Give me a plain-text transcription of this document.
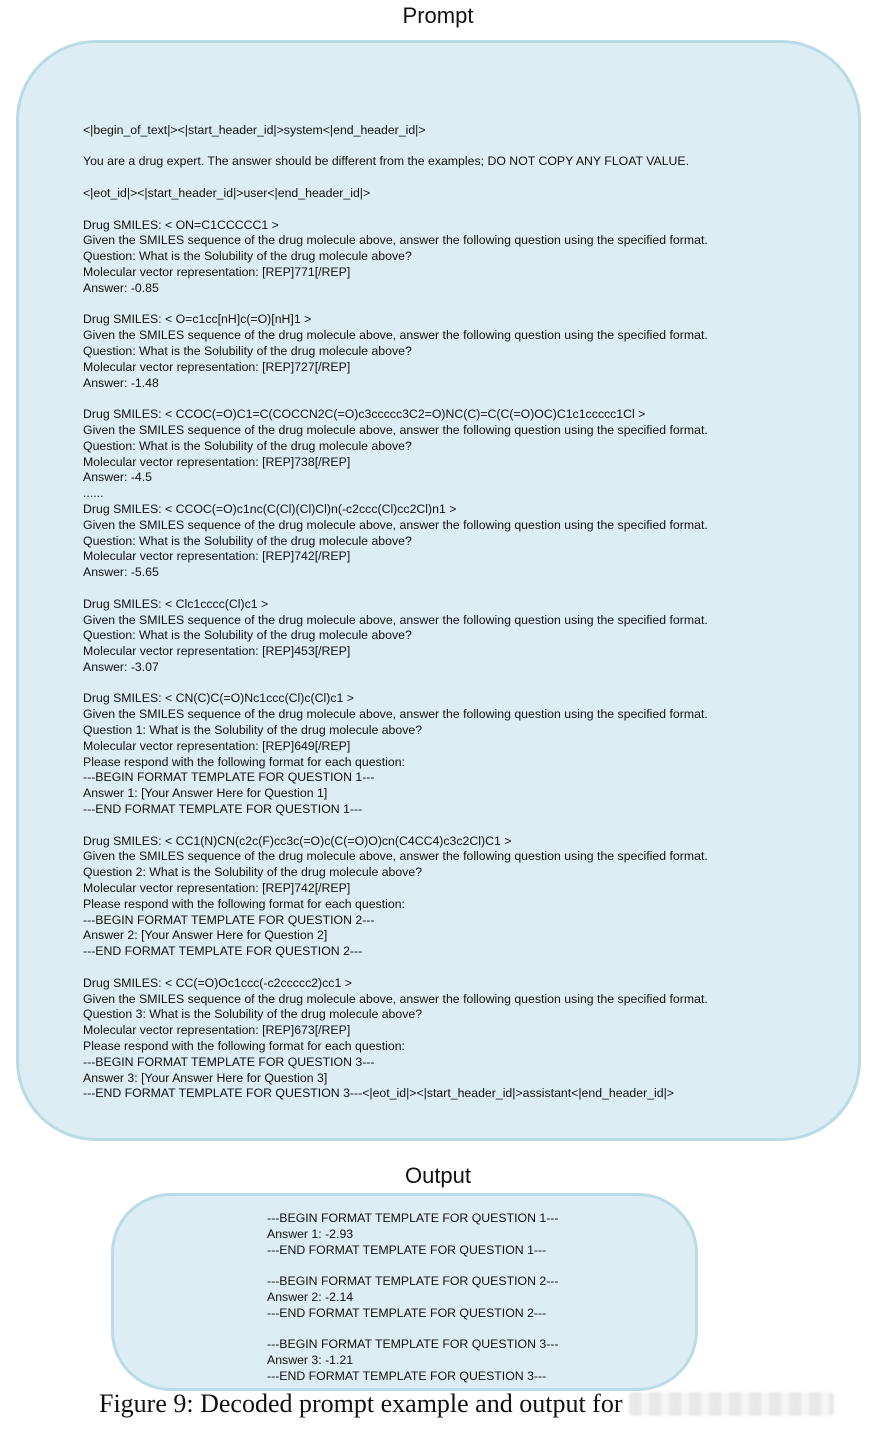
Prompt
<|begin_of_text|><|start_header_id|>system<|end_header_id|>
You are a drug expert. The answer should be different from the examples; DO NOT COPY ANY FLOAT VALUE.
<|eot_id|><|start_header_id|>user<|end_header_id|>
Drug SMILES: < ON=C1CCCCC1 >
Given the SMILES sequence of the drug molecule above, answer the following question using the specified format.
Question: What is the Solubility of the drug molecule above?
Molecular vector representation: [REP]771[/REP]
Answer: -0.85
Drug SMILES: < O=c1cc[nH]c(=O)[nH]1 >
Given the SMILES sequence of the drug molecule above, answer the following question using the specified format.
Question: What is the Solubility of the drug molecule above?
Molecular vector representation: [REP]727[/REP]
Answer: -1.48
Drug SMILES: < CCOC(=O)C1=C(COCCN2C(=O)c3ccccc3C2=O)NC(C)=C(C(=O)OC)C1c1ccccc1Cl >
Given the SMILES sequence of the drug molecule above, answer the following question using the specified format.
Question: What is the Solubility of the drug molecule above?
Molecular vector representation: [REP]738[/REP]
Answer: -4.5
......
Drug SMILES: < CCOC(=O)c1nc(C(Cl)(Cl)Cl)n(-c2ccc(Cl)cc2Cl)n1 >
Given the SMILES sequence of the drug molecule above, answer the following question using the specified format.
Question: What is the Solubility of the drug molecule above?
Molecular vector representation: [REP]742[/REP]
Answer: -5.65
Drug SMILES: < Clc1cccc(Cl)c1 >
Given the SMILES sequence of the drug molecule above, answer the following question using the specified format.
Question: What is the Solubility of the drug molecule above?
Molecular vector representation: [REP]453[/REP]
Answer: -3.07
Drug SMILES: < CN(C)C(=O)Nc1ccc(Cl)c(Cl)c1 >
Given the SMILES sequence of the drug molecule above, answer the following question using the specified format.
Question 1: What is the Solubility of the drug molecule above?
Molecular vector representation: [REP]649[/REP]
Please respond with the following format for each question:
---BEGIN FORMAT TEMPLATE FOR QUESTION 1---
Answer 1: [Your Answer Here for Question 1]
---END FORMAT TEMPLATE FOR QUESTION 1---
Drug SMILES: < CC1(N)CN(c2c(F)cc3c(=O)c(C(=O)O)cn(C4CC4)c3c2Cl)C1 >
Given the SMILES sequence of the drug molecule above, answer the following question using the specified format.
Question 2: What is the Solubility of the drug molecule above?
Molecular vector representation: [REP]742[/REP]
Please respond with the following format for each question:
---BEGIN FORMAT TEMPLATE FOR QUESTION 2---
Answer 2: [Your Answer Here for Question 2]
---END FORMAT TEMPLATE FOR QUESTION 2---
Drug SMILES: < CC(=O)Oc1ccc(-c2ccccc2)cc1 >
Given the SMILES sequence of the drug molecule above, answer the following question using the specified format.
Question 3: What is the Solubility of the drug molecule above?
Molecular vector representation: [REP]673[/REP]
Please respond with the following format for each question:
---BEGIN FORMAT TEMPLATE FOR QUESTION 3---
Answer 3: [Your Answer Here for Question 3]
---END FORMAT TEMPLATE FOR QUESTION 3---<|eot_id|><|start_header_id|>assistant<|end_header_id|>
Output
---BEGIN FORMAT TEMPLATE FOR QUESTION 1---
Answer 1: -2.93
---END FORMAT TEMPLATE FOR QUESTION 1---
---BEGIN FORMAT TEMPLATE FOR QUESTION 2---
Answer 2: -2.14
---END FORMAT TEMPLATE FOR QUESTION 2---
---BEGIN FORMAT TEMPLATE FOR QUESTION 3---
Answer 3: -1.21
---END FORMAT TEMPLATE FOR QUESTION 3---
Figure 9: Decoded prompt example and output for
